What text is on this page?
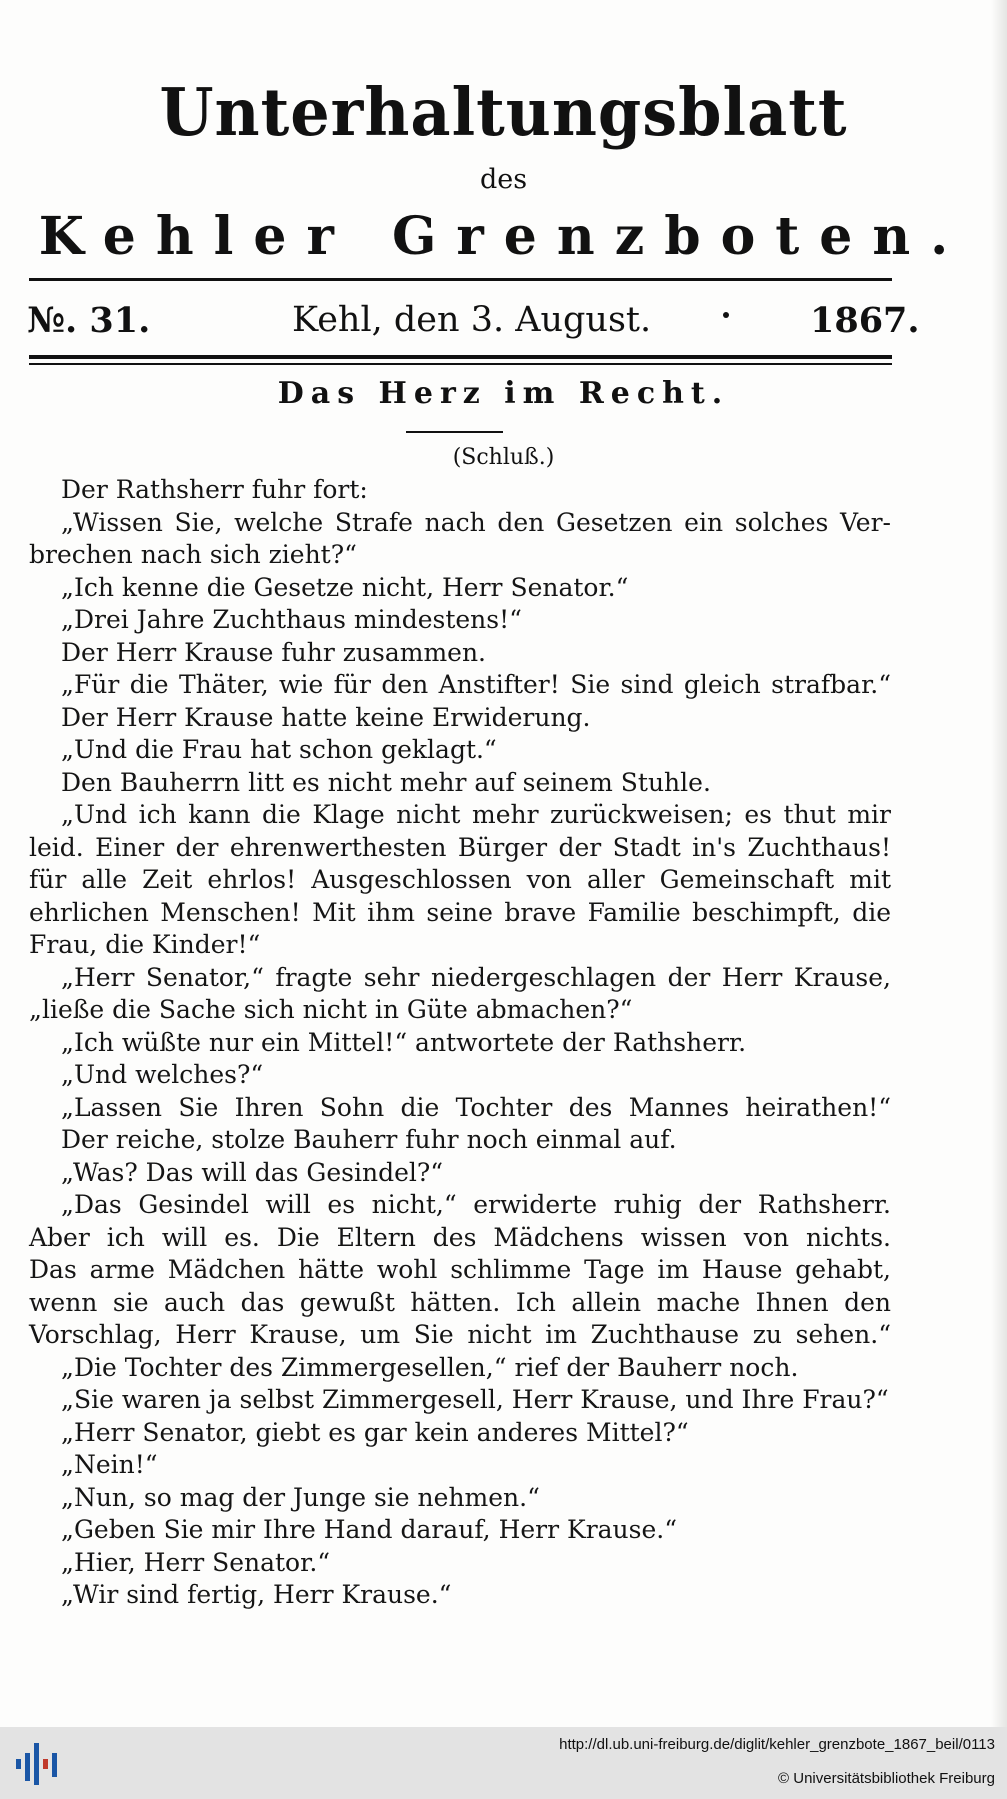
Unterhaltungsblatt
des
Kehler Grenzboten.
№. 31.	Kehl, den 3. August.	1867.
Das Herz im Recht.
(Schluß.)
Der Rathsherr fuhr fort:
„Wissen Sie, welche Strafe nach den Gesetzen ein solches Ver-
brechen nach sich zieht?“
„Ich kenne die Gesetze nicht, Herr Senator.“
„Drei Jahre Zuchthaus mindestens!“
Der Herr Krause fuhr zusammen.
„Für die Thäter, wie für den Anstifter! Sie sind gleich strafbar.“
Der Herr Krause hatte keine Erwiderung.
„Und die Frau hat schon geklagt.“
Den Bauherrn litt es nicht mehr auf seinem Stuhle.
„Und ich kann die Klage nicht mehr zurückweisen; es thut mir
leid. Einer der ehrenwerthesten Bürger der Stadt in's Zuchthaus!
für alle Zeit ehrlos! Ausgeschlossen von aller Gemeinschaft mit
ehrlichen Menschen! Mit ihm seine brave Familie beschimpft, die
Frau, die Kinder!“
„Herr Senator,“ fragte sehr niedergeschlagen der Herr Krause,
„ließe die Sache sich nicht in Güte abmachen?“
„Ich wüßte nur ein Mittel!“ antwortete der Rathsherr.
„Und welches?“
„Lassen Sie Ihren Sohn die Tochter des Mannes heirathen!“
Der reiche, stolze Bauherr fuhr noch einmal auf.
„Was? Das will das Gesindel?“
„Das Gesindel will es nicht,“ erwiderte ruhig der Rathsherr.
Aber ich will es. Die Eltern des Mädchens wissen von nichts.
Das arme Mädchen hätte wohl schlimme Tage im Hause gehabt,
wenn sie auch das gewußt hätten. Ich allein mache Ihnen den
Vorschlag, Herr Krause, um Sie nicht im Zuchthause zu sehen.“
„Die Tochter des Zimmergesellen,“ rief der Bauherr noch.
„Sie waren ja selbst Zimmergesell, Herr Krause, und Ihre Frau?“
„Herr Senator, giebt es gar kein anderes Mittel?“
„Nein!“
„Nun, so mag der Junge sie nehmen.“
„Geben Sie mir Ihre Hand darauf, Herr Krause.“
„Hier, Herr Senator.“
„Wir sind fertig, Herr Krause.“
http://dl.ub.uni-freiburg.de/diglit/kehler_grenzbote_1867_beil/0113
© Universitätsbibliothek Freiburg
